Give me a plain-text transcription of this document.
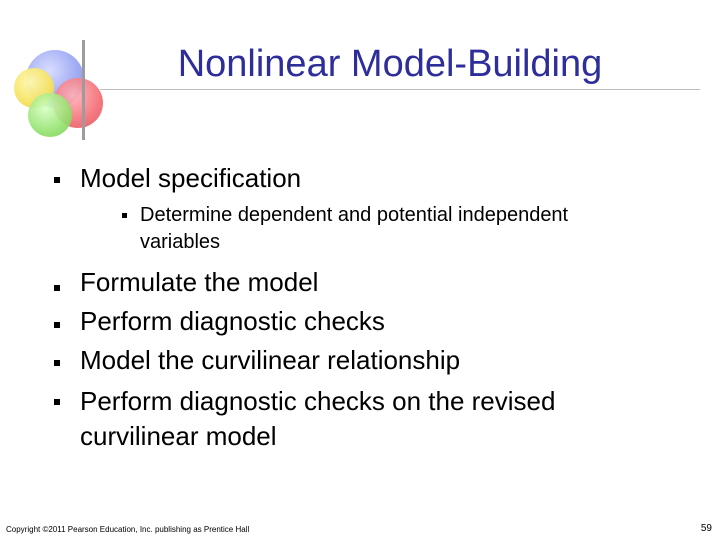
Nonlinear Model-Building
Model specification
Determine dependent and potential independent
variables
Formulate the model
Perform diagnostic checks
Model the curvilinear relationship
Perform diagnostic checks on the revised
curvilinear model
Copyright ©2011 Pearson Education, Inc. publishing as Prentice Hall	59
